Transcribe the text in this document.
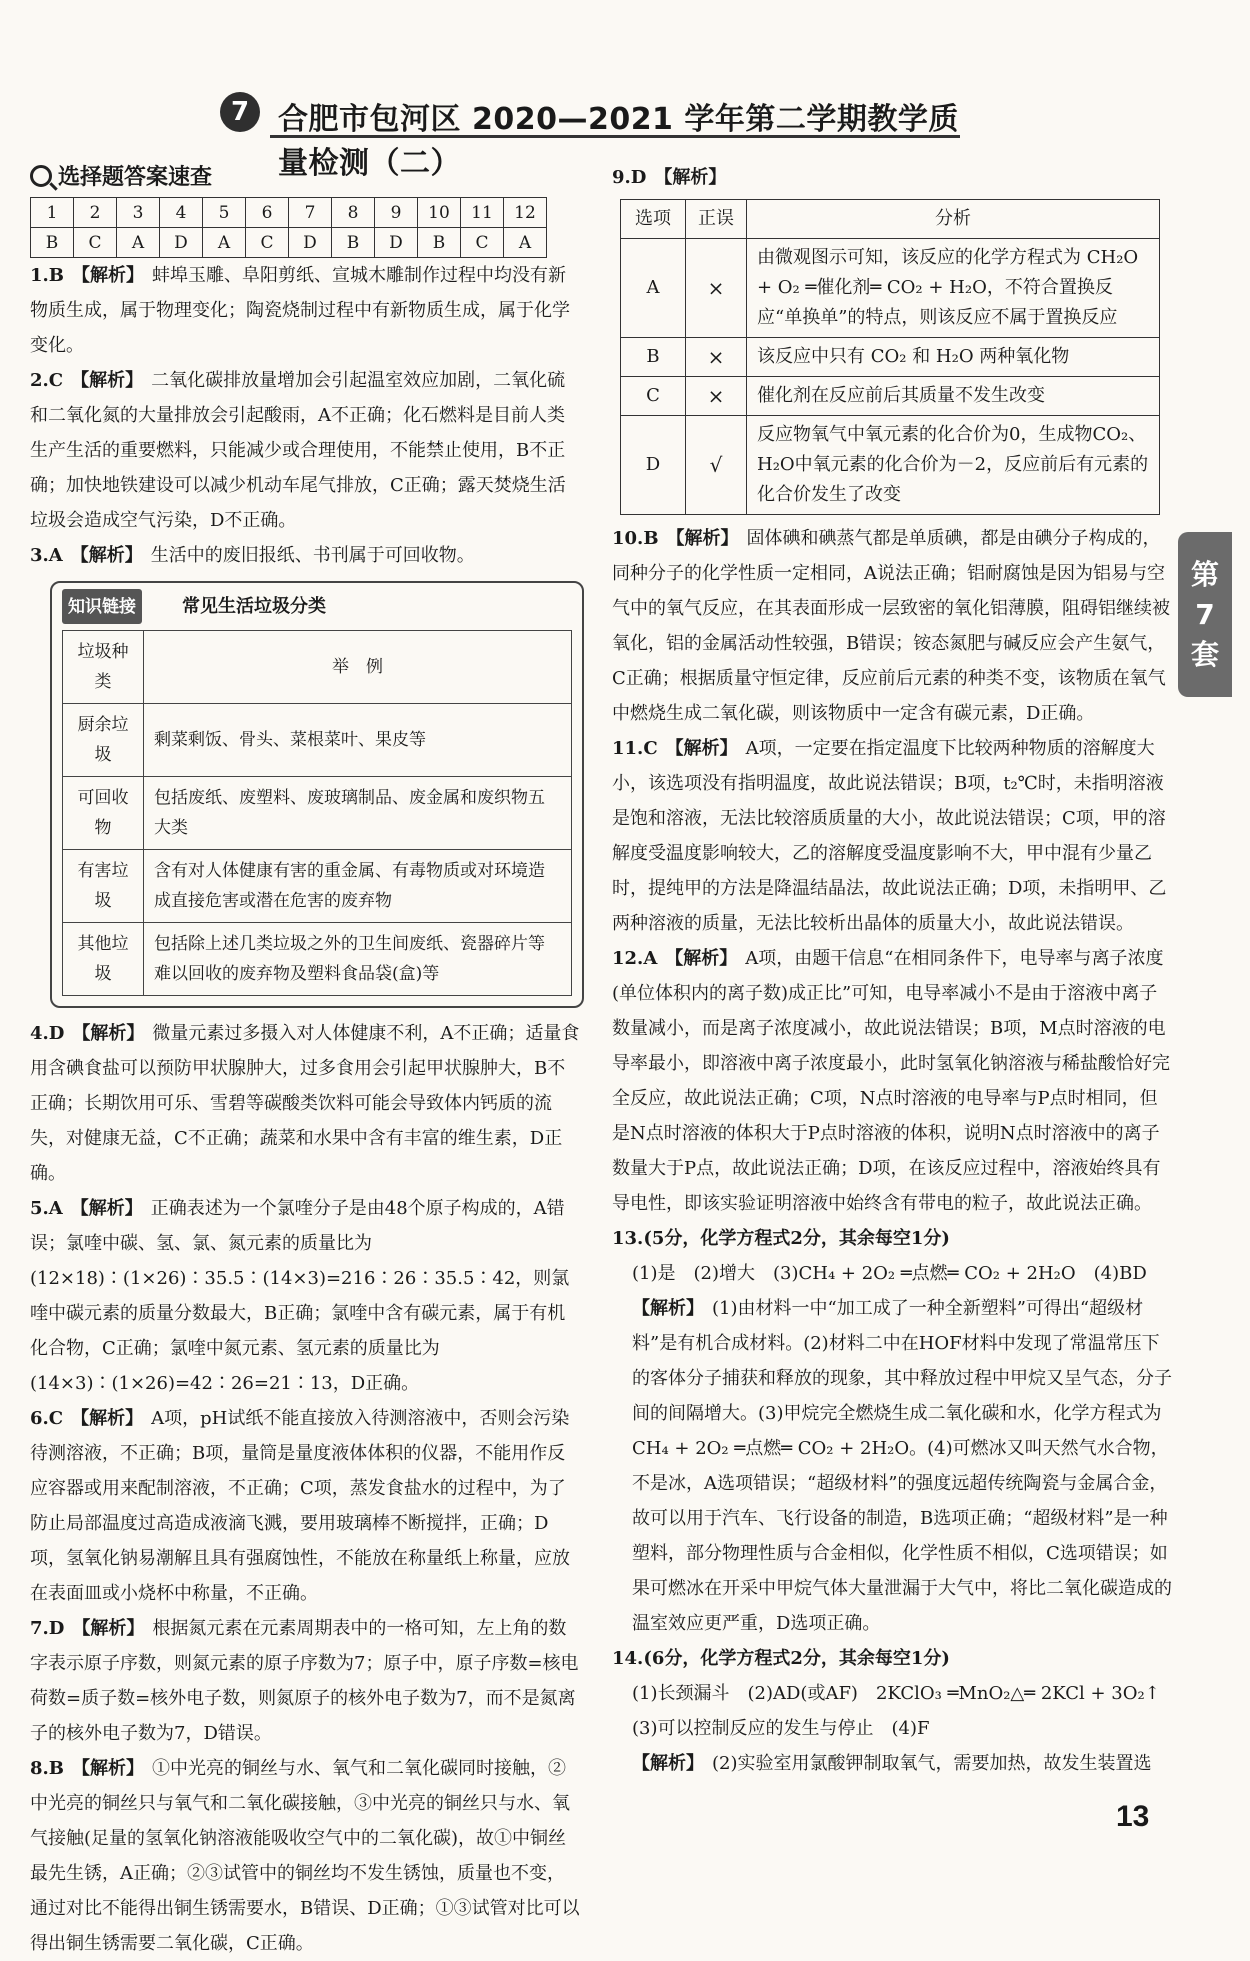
7 合肥市包河区 2020—2021 学年第二学期教学质量检测（二）
选择题答案速查
1	2	3	4	5	6	7	8	9	10	11	12
B	C	A	D	A	C	D	B	D	B	C	A

1.B 【解析】 蚌埠玉雕、阜阳剪纸、宣城木雕制作过程中均没有新物质生成，属于物理变化；陶瓷烧制过程中有新物质生成，属于化学变化。

2.C 【解析】 二氧化碳排放量增加会引起温室效应加剧，二氧化硫和二氧化氮的大量排放会引起酸雨，A不正确；化石燃料是目前人类生产生活的重要燃料，只能减少或合理使用，不能禁止使用，B不正确；加快地铁建设可以减少机动车尾气排放，C正确；露天焚烧生活垃圾会造成空气污染，D不正确。

3.A 【解析】 生活中的废旧报纸、书刊属于可回收物。

知识链接	常见生活垃圾分类
垃圾种类	举　例
厨余垃圾	剩菜剩饭、骨头、菜根菜叶、果皮等
可回收物	包括废纸、废塑料、废玻璃制品、废金属和废织物五大类
有害垃圾	含有对人体健康有害的重金属、有毒物质或对环境造成直接危害或潜在危害的废弃物
其他垃圾	包括除上述几类垃圾之外的卫生间废纸、瓷器碎片等难以回收的废弃物及塑料食品袋(盒)等

4.D 【解析】 微量元素过多摄入对人体健康不利，A不正确；适量食用含碘食盐可以预防甲状腺肿大，过多食用会引起甲状腺肿大，B不正确；长期饮用可乐、雪碧等碳酸类饮料可能会导致体内钙质的流失，对健康无益，C不正确；蔬菜和水果中含有丰富的维生素，D正确。

5.A 【解析】 正确表述为一个氯喹分子是由48个原子构成的，A错误；氯喹中碳、氢、氯、氮元素的质量比为(12×18)∶(1×26)∶35.5∶(14×3)=216∶26∶35.5∶42，则氯喹中碳元素的质量分数最大，B正确；氯喹中含有碳元素，属于有机化合物，C正确；氯喹中氮元素、氢元素的质量比为(14×3)∶(1×26)=42∶26=21∶13，D正确。

6.C 【解析】 A项，pH试纸不能直接放入待测溶液中，否则会污染待测溶液，不正确；B项，量筒是量度液体体积的仪器，不能用作反应容器或用来配制溶液，不正确；C项，蒸发食盐水的过程中，为了防止局部温度过高造成液滴飞溅，要用玻璃棒不断搅拌，正确；D项，氢氧化钠易潮解且具有强腐蚀性，不能放在称量纸上称量，应放在表面皿或小烧杯中称量，不正确。

7.D 【解析】 根据氮元素在元素周期表中的一格可知，左上角的数字表示原子序数，则氮元素的原子序数为7；原子中，原子序数=核电荷数=质子数=核外电子数，则氮原子的核外电子数为7，而不是氮离子的核外电子数为7，D错误。

8.B 【解析】 ①中光亮的铜丝与水、氧气和二氧化碳同时接触，②中光亮的铜丝只与氧气和二氧化碳接触，③中光亮的铜丝只与水、氧气接触(足量的氢氧化钠溶液能吸收空气中的二氧化碳)，故①中铜丝最先生锈，A正确；②③试管中的铜丝均不发生锈蚀，质量也不变，通过对比不能得出铜生锈需要水，B错误、D正确；①③试管对比可以得出铜生锈需要二氧化碳，C正确。

9.D 【解析】
选项	正误	分析
A	×	由微观图示可知，该反应的化学方程式为 CH₂O + O₂ ═催化剂═ CO₂ + H₂O，不符合置换反应“单换单”的特点，则该反应不属于置换反应
B	×	该反应中只有 CO₂ 和 H₂O 两种氧化物
C	×	催化剂在反应前后其质量不发生改变
D	√	反应物氧气中氧元素的化合价为0，生成物CO₂、H₂O中氧元素的化合价为－2，反应前后有元素的化合价发生了改变

10.B 【解析】 固体碘和碘蒸气都是单质碘，都是由碘分子构成的，同种分子的化学性质一定相同，A说法正确；铝耐腐蚀是因为铝易与空气中的氧气反应，在其表面形成一层致密的氧化铝薄膜，阻碍铝继续被氧化，铝的金属活动性较强，B错误；铵态氮肥与碱反应会产生氨气，C正确；根据质量守恒定律，反应前后元素的种类不变，该物质在氧气中燃烧生成二氧化碳，则该物质中一定含有碳元素，D正确。

11.C 【解析】 A项，一定要在指定温度下比较两种物质的溶解度大小，该选项没有指明温度，故此说法错误；B项，t₂℃时，未指明溶液是饱和溶液，无法比较溶质质量的大小，故此说法错误；C项，甲的溶解度受温度影响较大，乙的溶解度受温度影响不大，甲中混有少量乙时，提纯甲的方法是降温结晶法，故此说法正确；D项，未指明甲、乙两种溶液的质量，无法比较析出晶体的质量大小，故此说法错误。

12.A 【解析】 A项，由题干信息“在相同条件下，电导率与离子浓度(单位体积内的离子数)成正比”可知，电导率减小不是由于溶液中离子数量减小，而是离子浓度减小，故此说法错误；B项，M点时溶液的电导率最小，即溶液中离子浓度最小，此时氢氧化钠溶液与稀盐酸恰好完全反应，故此说法正确；C项，N点时溶液的电导率与P点时相同，但是N点时溶液的体积大于P点时溶液的体积，说明N点时溶液中的离子数量大于P点，故此说法正确；D项，在该反应过程中，溶液始终具有导电性，即该实验证明溶液中始终含有带电的粒子，故此说法正确。

13.(5分，化学方程式2分，其余每空1分)

(1)是　(2)增大　(3)CH₄ + 2O₂ ═点燃═ CO₂ + 2H₂O　(4)BD

【解析】 (1)由材料一中“加工成了一种全新塑料”可得出“超级材料”是有机合成材料。(2)材料二中在HOF材料中发现了常温常压下的客体分子捕获和释放的现象，其中释放过程中甲烷又呈气态，分子间的间隔增大。(3)甲烷完全燃烧生成二氧化碳和水，化学方程式为CH₄ + 2O₂ ═点燃═ CO₂ + 2H₂O。(4)可燃冰又叫天然气水合物，不是冰，A选项错误；“超级材料”的强度远超传统陶瓷与金属合金，故可以用于汽车、飞行设备的制造，B选项正确；“超级材料”是一种塑料，部分物理性质与合金相似，化学性质不相似，C选项错误；如果可燃冰在开采中甲烷气体大量泄漏于大气中，将比二氧化碳造成的温室效应更严重，D选项正确。

14.(6分，化学方程式2分，其余每空1分)

(1)长颈漏斗　(2)AD(或AF)　2KClO₃ ═MnO₂△═ 2KCl + 3O₂↑

(3)可以控制反应的发生与停止　(4)F

【解析】 (2)实验室用氯酸钾制取氧气，需要加热，故发生装置选

第
7
套
13
